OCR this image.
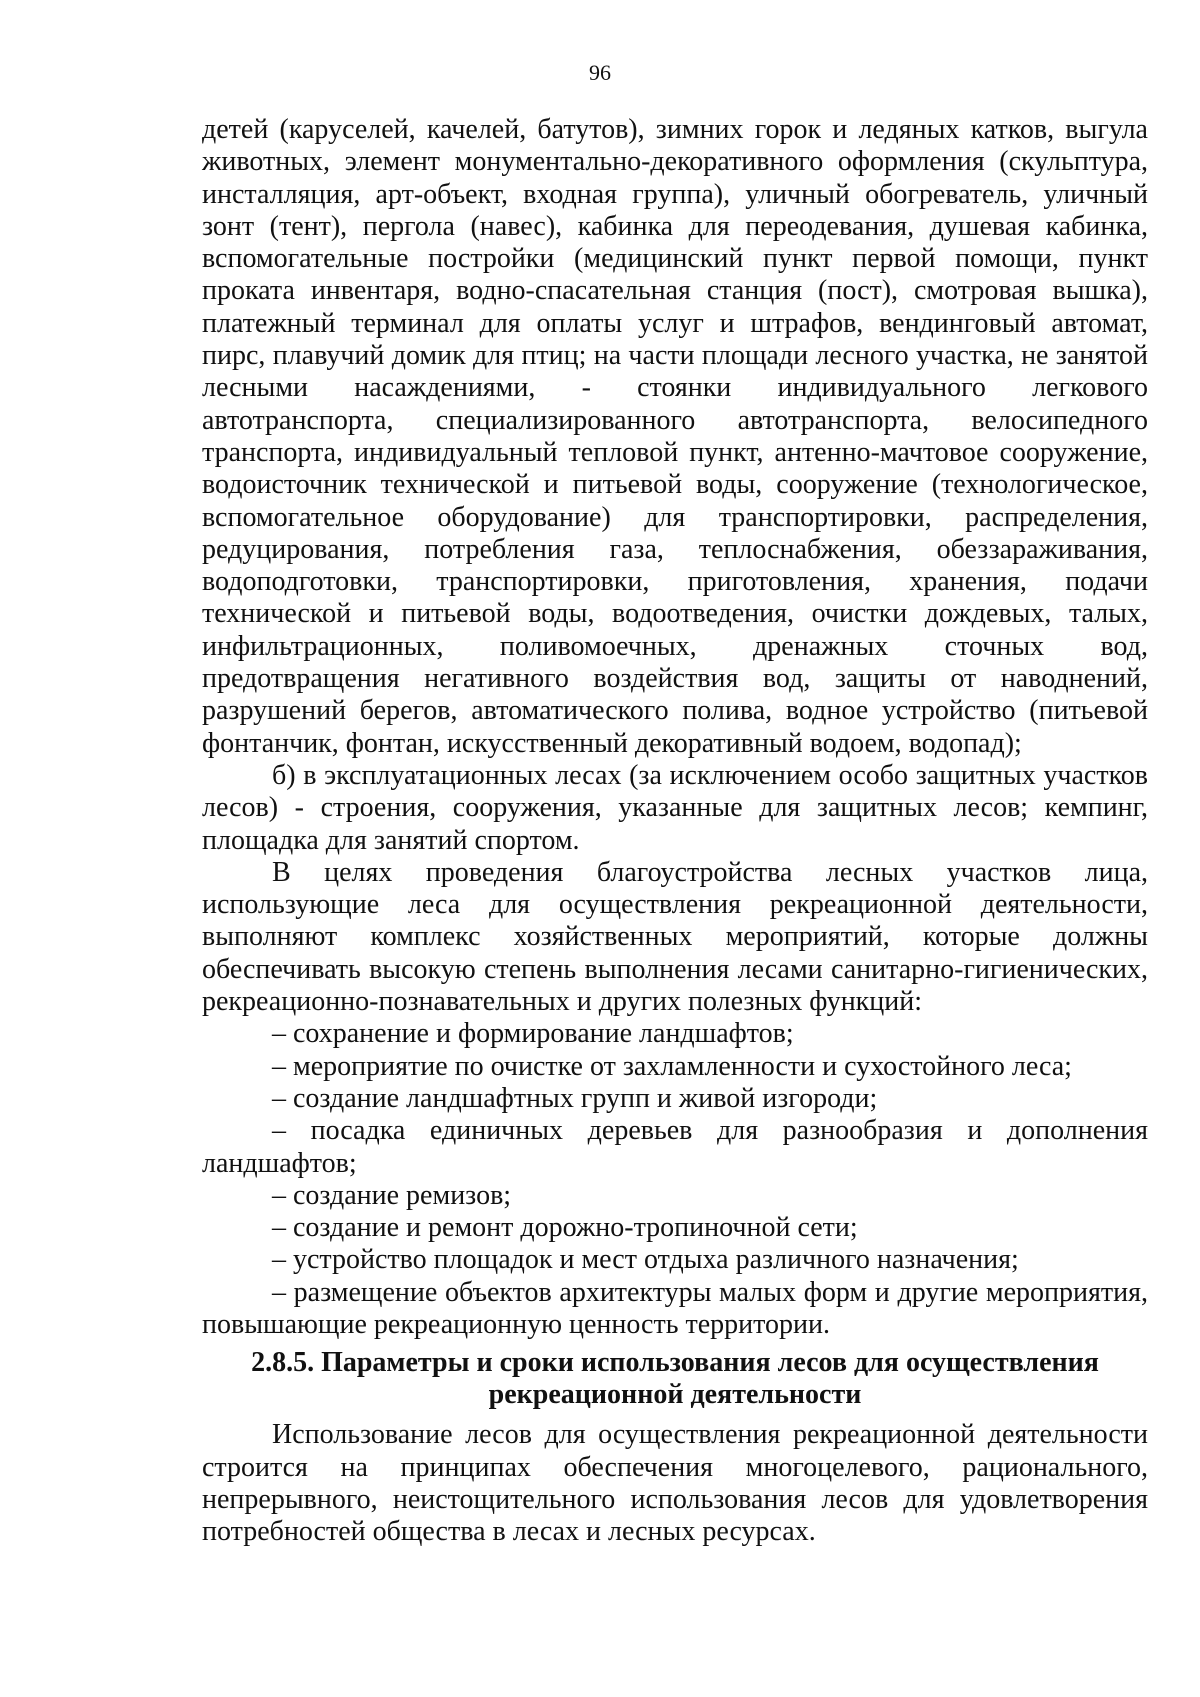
96

детей (каруселей, качелей, батутов), зимних горок и ледяных катков, выгула животных, элемент монументально-декоративного оформления (скульптура, инсталляция, арт-объект, входная группа), уличный обогреватель, уличный зонт (тент), пергола (навес), кабинка для переодевания, душевая кабинка, вспомогательные постройки (медицинский пункт первой помощи, пункт проката инвентаря, водно-спасательная станция (пост), смотровая вышка), платежный терминал для оплаты услуг и штрафов, вендинговый автомат, пирс, плавучий домик для птиц; на части площади лесного участка, не занятой лесными насаждениями, - стоянки индивидуального легкового автотранспорта, специализированного автотранспорта, велосипедного транспорта, индивидуальный тепловой пункт, антенно-мачтовое сооружение, водоисточник технической и питьевой воды, сооружение (технологическое, вспомогательное оборудование) для транспортировки, распределения, редуцирования, потребления газа, теплоснабжения, обеззараживания, водоподготовки, транспортировки, приготовления, хранения, подачи технической и питьевой воды, водоотведения, очистки дождевых, талых, инфильтрационных, поливомоечных, дренажных сточных вод, предотвращения негативного воздействия вод, защиты от наводнений, разрушений берегов, автоматического полива, водное устройство (питьевой фонтанчик, фонтан, искусственный декоративный водоем, водопад);

б) в эксплуатационных лесах (за исключением особо защитных участков лесов) - строения, сооружения, указанные для защитных лесов; кемпинг, площадка для занятий спортом.

В целях проведения благоустройства лесных участков лица, использующие леса для осуществления рекреационной деятельности, выполняют комплекс хозяйственных мероприятий, которые должны обеспечивать высокую степень выполнения лесами санитарно-гигиенических, рекреационно-познавательных и других полезных функций:

– сохранение и формирование ландшафтов;

– мероприятие по очистке от захламленности и сухостойного леса;

– создание ландшафтных групп и живой изгороди;

– посадка единичных деревьев для разнообразия и дополнения ландшафтов;

– создание ремизов;

– создание и ремонт дорожно-тропиночной сети;

– устройство площадок и мест отдыха различного назначения;

– размещение объектов архитектуры малых форм и другие мероприятия, повышающие рекреационную ценность территории.

2.8.5. Параметры и сроки использования лесов для осуществления
рекреационной деятельности

Использование лесов для осуществления рекреационной деятельности строится на принципах обеспечения многоцелевого, рационального, непрерывного, неистощительного использования лесов для удовлетворения потребностей общества в лесах и лесных ресурсах.
